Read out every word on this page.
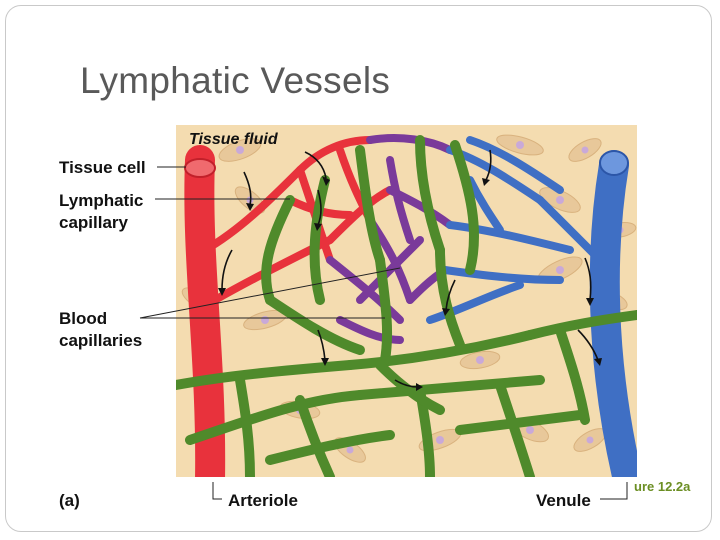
Lymphatic Vessels
Tissue fluid
Tissue cell
Lymphatic
capillary
Blood
capillaries
(a)	Arteriole	Venule
ure 12.2a
